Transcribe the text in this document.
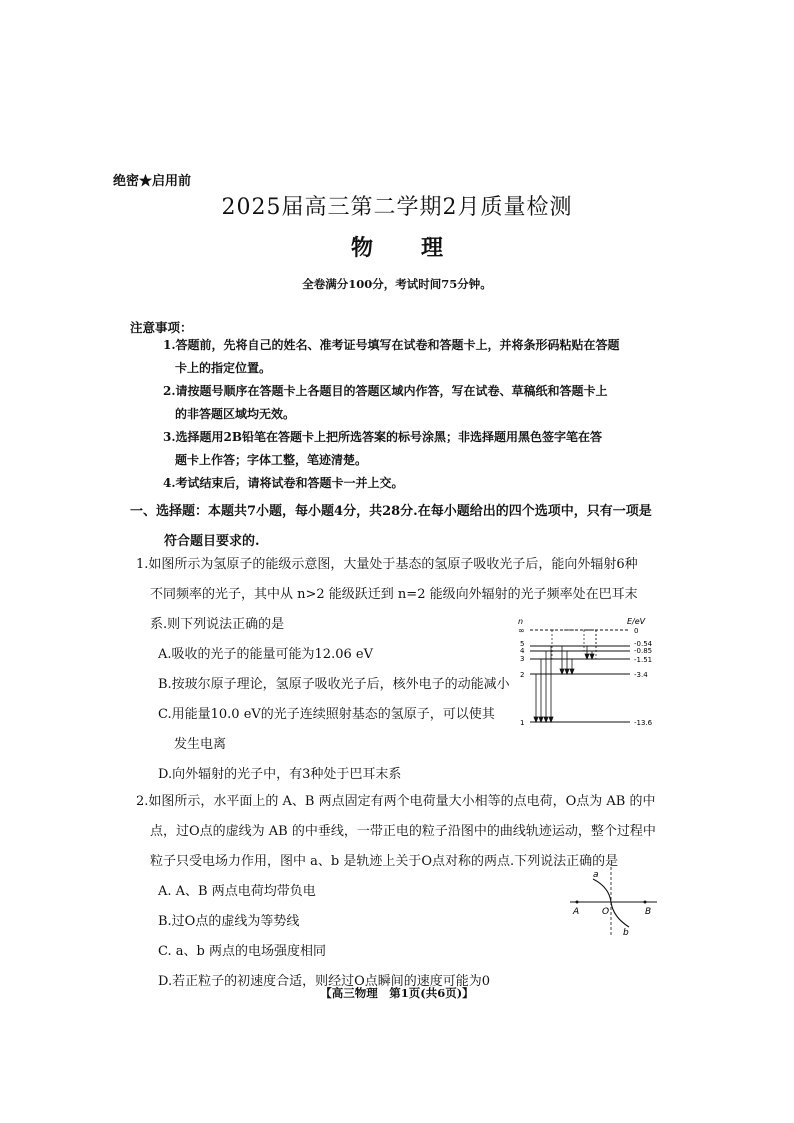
绝密★启用前
2025届高三第二学期2月质量检测
物 理
全卷满分100分，考试时间75分钟。
注意事项：
1.答题前，先将自己的姓名、准考证号填写在试卷和答题卡上，并将条形码粘贴在答题
卡上的指定位置。
2.请按题号顺序在答题卡上各题目的答题区域内作答，写在试卷、草稿纸和答题卡上
的非答题区域均无效。
3.选择题用2B铅笔在答题卡上把所选答案的标号涂黑；非选择题用黑色签字笔在答
题卡上作答；字体工整，笔迹清楚。
4.考试结束后，请将试卷和答题卡一并上交。
一、选择题：本题共7小题，每小题4分，共28分.在每小题给出的四个选项中，只有一项是
符合题目要求的.
1.如图所示为氢原子的能级示意图，大量处于基态的氢原子吸收光子后，能向外辐射6种
不同频率的光子，其中从 n>2 能级跃迁到 n=2 能级向外辐射的光子频率处在巴耳末
系.则下列说法正确的是
A.吸收的光子的能量可能为12.06 eV
B.按玻尔原子理论，氢原子吸收光子后，核外电子的动能减小
C.用能量10.0 eV的光子连续照射基态的氢原子，可以使其
发生电离
D.向外辐射的光子中，有3种处于巴耳末系
n	E/eV
∞
5
4
3
2
1
0
-0.54
-0.85
-1.51
-3.4
-13.6
2.如图所示，水平面上的 A、B 两点固定有两个电荷量大小相等的点电荷，O点为 AB 的中
点，过O点的虚线为 AB 的中垂线，一带正电的粒子沿图中的曲线轨迹运动，整个过程中
粒子只受电场力作用，图中 a、b 是轨迹上关于O点对称的两点.下列说法正确的是
A. A、B 两点电荷均带负电
B.过O点的虚线为等势线
C. a、b 两点的电场强度相同
D.若正粒子的初速度合适，则经过O点瞬间的速度可能为0
a
b
A	B
O
【高三物理　第1页(共6页)】
